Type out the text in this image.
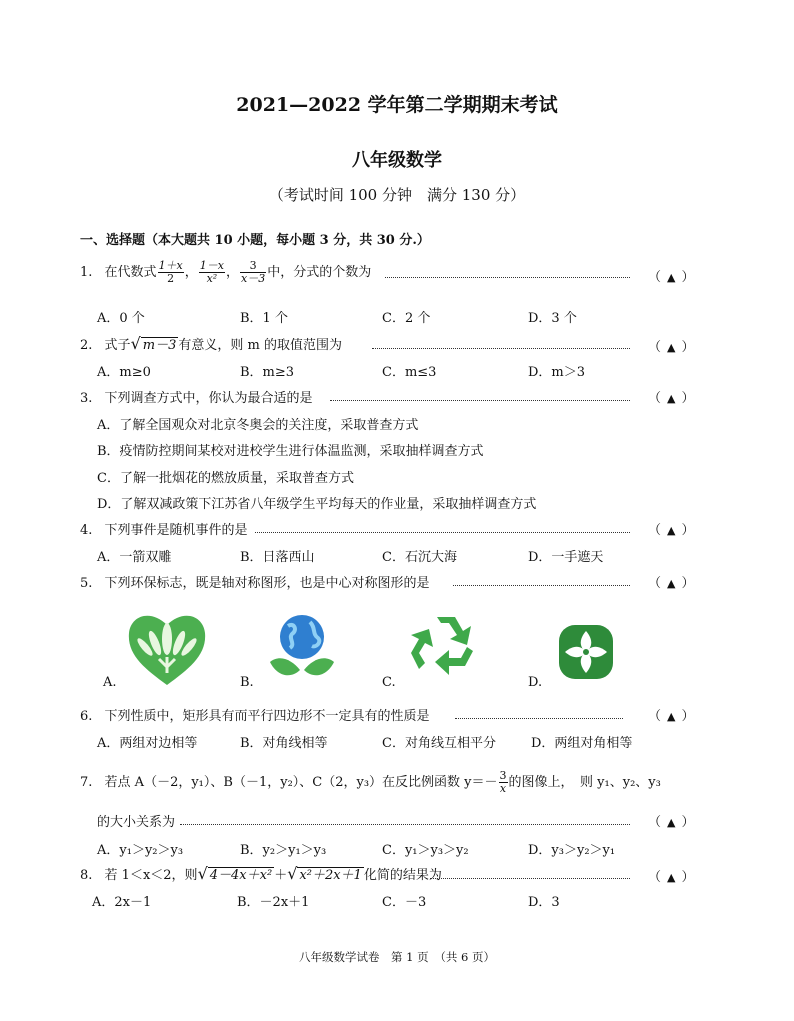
2021—2022 学年第二学期期末考试
八年级数学
（考试时间 100 分钟　满分 130 分）
一、选择题（本大题共 10 小题，每小题 3 分，共 30 分.）
1. 在代数式 $\frac{1+x}{2}$ ， $\frac{1-x}{\text{x²}}$ ， $\frac{3}{x-3}$ 中，分式的个数为	（ ▲ ）
A．0 个	B．1 个	C．2 个	D．3 个
2. 式子√ m－3 有意义，则 m 的取值范围为	（ ▲ ）
A．m≥0	B．m≥3	C．m≤3	D．m＞3
3. 下列调查方式中，你认为最合适的是	（ ▲ ）
A．了解全国观众对北京冬奥会的关注度，采取普查方式
B．疫情防控期间某校对进校学生进行体温监测，采取抽样调查方式
C．了解一批烟花的燃放质量，采取普查方式
D．了解双减政策下江苏省八年级学生平均每天的作业量，采取抽样调查方式
4. 下列事件是随机事件的是	（ ▲ ）
A．一箭双雕	B．日落西山	C．石沉大海	D．一手遮天
5. 下列环保标志，既是轴对称图形，也是中心对称图形的是	（ ▲ ）
A.	B.	C.	D.
6. 下列性质中，矩形具有而平行四边形不一定具有的性质是	（ ▲ ）
A．两组对边相等	B．对角线相等	C．对角线互相平分	D．两组对角相等
7. 若点 A（－2，y₁）、B（－1，y₂）、C（2，y₃）在反比例函数 $y=- \frac{3}{x}$ 的图像上，　则 y₁、y₂、y₃
的大小关系为	（ ▲ ）
A．y₁＞y₂＞y₃	B．y₂＞y₁＞y₃	C．y₁＞y₃＞y₂	D．y₃＞y₂＞y₁
8. 若 1＜x＜2，则√ 4－4x＋x² ＋√ x²＋2x＋1 化简的结果为	（ ▲ ）
A．2x－1	B．－2x＋1	C．－3	D．3
八年级数学试卷　第 1 页　（共 6 页）
